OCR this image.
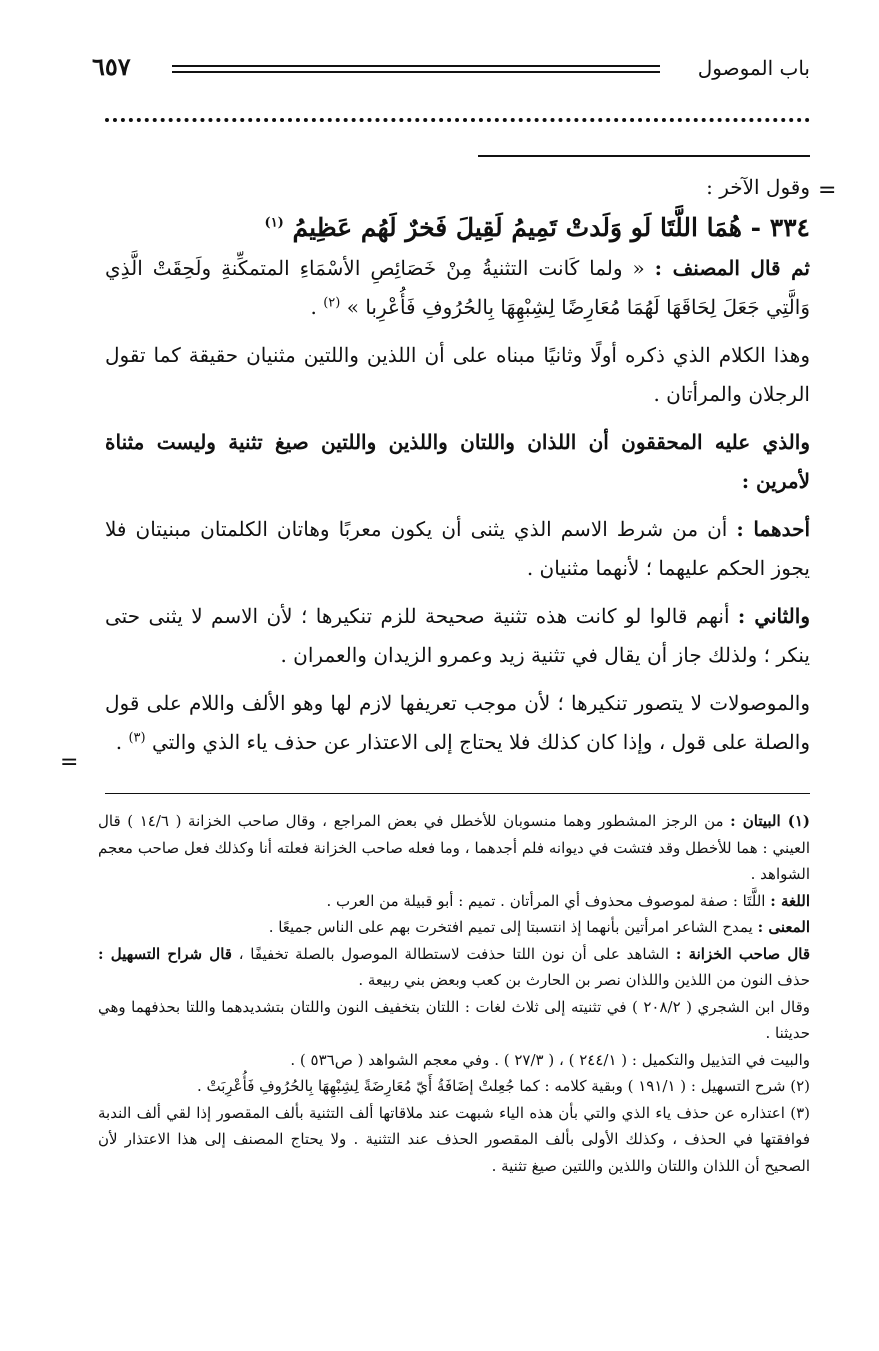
باب الموصول
٦٥٧
=
=

وقول الآخر :

٣٣٤ - هُمَا اللَّتَا لَو وَلَدتْ تَمِيمُ لَقِيلَ فَخرٌ لَهُم عَظِيمُ $^{(١)}$

ثم قال المصنف : « ولما كَانت التثنيةُ مِنْ خَصَائِصِ الأسْمَاءِ المتمكِّنةِ ولَحِقَتْ الَّذِي وَالَّتِي جَعَلَ لِحَاقَهَا لَهُمَا مُعَارِضًا لِشِبْهِهَا بِالحُرُوفِ فَأُعْرِبا » $^{(٢)}$ .

وهذا الكلام الذي ذكره أولًا وثانيًا مبناه على أن اللذين واللتين مثنيان حقيقة كما تقول الرجلان والمرأتان .

والذي عليه المحققون أن اللذان واللتان واللذين واللتين صيغ تثنية وليست مثناة لأمرين :

أحدهما : أن من شرط الاسم الذي يثنى أن يكون معربًا وهاتان الكلمتان مبنيتان فلا يجوز الحكم عليهما ؛ لأنهما مثنيان .

والثاني : أنهم قالوا لو كانت هذه تثنية صحيحة للزم تنكيرها ؛ لأن الاسم لا يثنى حتى ينكر ؛ ولذلك جاز أن يقال في تثنية زيد وعمرو الزيدان والعمران .

والموصولات لا يتصور تنكيرها ؛ لأن موجب تعريفها لازم لها وهو الألف واللام على قول والصلة على قول ، وإذا كان كذلك فلا يحتاج إلى الاعتذار عن حذف ياء الذي والتي $^{(٣)}$ .

(١) البيتان : من الرجز المشطور وهما منسوبان للأخطل في بعض المراجع ، وقال صاحب الخزانة ( ١٤/٦ ) قال العيني : هما للأخطل وقد فتشت في ديوانه فلم أجدهما ، وما فعله صاحب الخزانة فعلته أنا وكذلك فعل صاحب معجم الشواهد .

اللغة : اللَّتَا : صفة لموصوف محذوف أي المرأتان . تميم : أبو قبيلة من العرب .

المعنى : يمدح الشاعر امرأتين بأنهما إذ انتسبتا إلى تميم افتخرت بهم على الناس جميعًا .

قال صاحب الخزانة : الشاهد على أن نون اللتا حذفت لاستطالة الموصول بالصلة تخفيفًا ، قال شراح التسهيل : حذف النون من اللذين واللذان نصر بن الحارث بن كعب وبعض بني ربيعة .

وقال ابن الشجري ( ٢٠٨/٢ ) في تثنيته إلى ثلاث لغات : اللتان بتخفيف النون واللتان بتشديدهما واللتا بحذفهما وهي حديثنا .

والبيت في التذييل والتكميل : ( ٢٤٤/١ ) ، ( ٢٧/٣ ) . وفي معجم الشواهد ( ص٥٣٦ ) .

(٢) شرح التسهيل : ( ١٩١/١ ) وبقية كلامه : كما جُعِلتْ إضَافَةُ أَيّ مُعَارِضَةً لِشِبْهِهَا بِالحُرُوفِ فَأُعْرِبَتْ .

(٣) اعتذاره عن حذف ياء الذي والتي بأن هذه الياء شبهت عند ملاقاتها ألف التثنية بألف المقصور إذا لقي ألف الندبة فوافقتها في الحذف ، وكذلك الأولى بألف المقصور الحذف عند التثنية . ولا يحتاج المصنف إلى هذا الاعتذار لأن الصحيح أن اللذان واللتان واللذين واللتين صيغ تثنية .
